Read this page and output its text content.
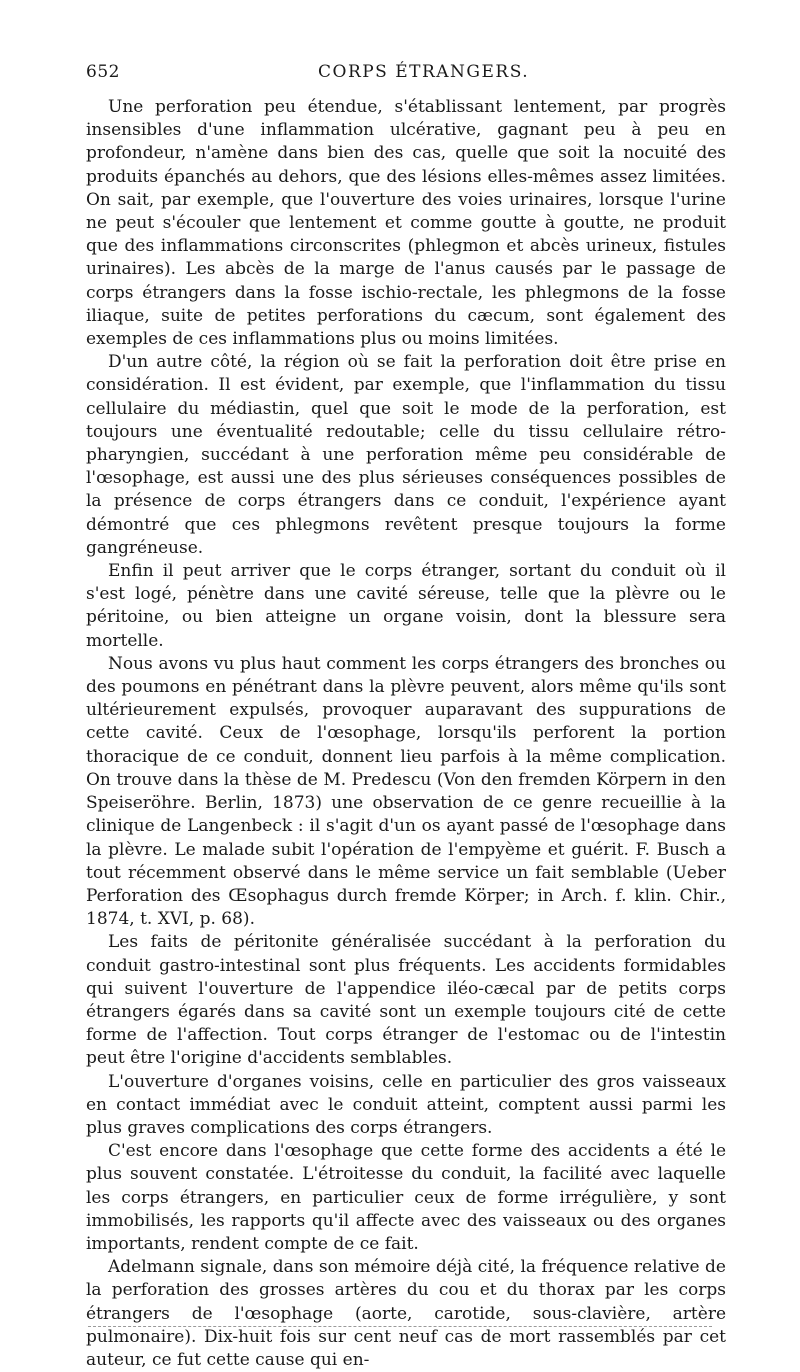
652	CORPS ÉTRANGERS.

Une perforation peu étendue, s'établissant lentement, par progrès insensibles d'une inflammation ulcérative, gagnant peu à peu en profondeur, n'amène dans bien des cas, quelle que soit la nocuité des produits épanchés au dehors, que des lésions elles-mêmes assez limitées. On sait, par exemple, que l'ouverture des voies urinaires, lorsque l'urine ne peut s'écouler que lentement et comme goutte à goutte, ne produit que des inflammations circonscrites (phlegmon et abcès urineux, fistules urinaires). Les abcès de la marge de l'anus causés par le passage de corps étrangers dans la fosse ischio-rectale, les phlegmons de la fosse iliaque, suite de petites perforations du cæcum, sont également des exemples de ces inflammations plus ou moins limitées.

D'un autre côté, la région où se fait la perforation doit être prise en considération. Il est évident, par exemple, que l'inflammation du tissu cellulaire du médiastin, quel que soit le mode de la perforation, est toujours une éventualité redoutable; celle du tissu cellulaire rétro-pharyngien, succédant à une perforation même peu considérable de l'œsophage, est aussi une des plus sérieuses conséquences possibles de la présence de corps étrangers dans ce conduit, l'expérience ayant démontré que ces phlegmons revêtent presque toujours la forme gangréneuse.

Enfin il peut arriver que le corps étranger, sortant du conduit où il s'est logé, pénètre dans une cavité séreuse, telle que la plèvre ou le péritoine, ou bien atteigne un organe voisin, dont la blessure sera mortelle.

Nous avons vu plus haut comment les corps étrangers des bronches ou des poumons en pénétrant dans la plèvre peuvent, alors même qu'ils sont ultérieurement expulsés, provoquer auparavant des suppurations de cette cavité. Ceux de l'œsophage, lorsqu'ils perforent la portion thoracique de ce conduit, donnent lieu parfois à la même complication. On trouve dans la thèse de M. Predescu (Von den fremden Körpern in den Speiseröhre. Berlin, 1873) une observation de ce genre recueillie à la clinique de Langenbeck : il s'agit d'un os ayant passé de l'œsophage dans la plèvre. Le malade subit l'opération de l'empyème et guérit. F. Busch a tout récemment observé dans le même service un fait semblable (Ueber Perforation des Œsophagus durch fremde Körper; in Arch. f. klin. Chir., 1874, t. XVI, p. 68).

Les faits de péritonite généralisée succédant à la perforation du conduit gastro-intestinal sont plus fréquents. Les accidents formidables qui suivent l'ouverture de l'appendice iléo-cæcal par de petits corps étrangers égarés dans sa cavité sont un exemple toujours cité de cette forme de l'affection. Tout corps étranger de l'estomac ou de l'intestin peut être l'origine d'accidents semblables.

L'ouverture d'organes voisins, celle en particulier des gros vaisseaux en contact immédiat avec le conduit atteint, comptent aussi parmi les plus graves complications des corps étrangers.

C'est encore dans l'œsophage que cette forme des accidents a été le plus souvent constatée. L'étroitesse du conduit, la facilité avec laquelle les corps étrangers, en particulier ceux de forme irrégulière, y sont immobilisés, les rapports qu'il affecte avec des vaisseaux ou des organes importants, rendent compte de ce fait.

Adelmann signale, dans son mémoire déjà cité, la fréquence relative de la perforation des grosses artères du cou et du thorax par les corps étrangers de l'œsophage (aorte, carotide, sous-clavière, artère pulmonaire). Dix-huit fois sur cent neuf cas de mort rassemblés par cet auteur, ce fut cette cause qui en-
